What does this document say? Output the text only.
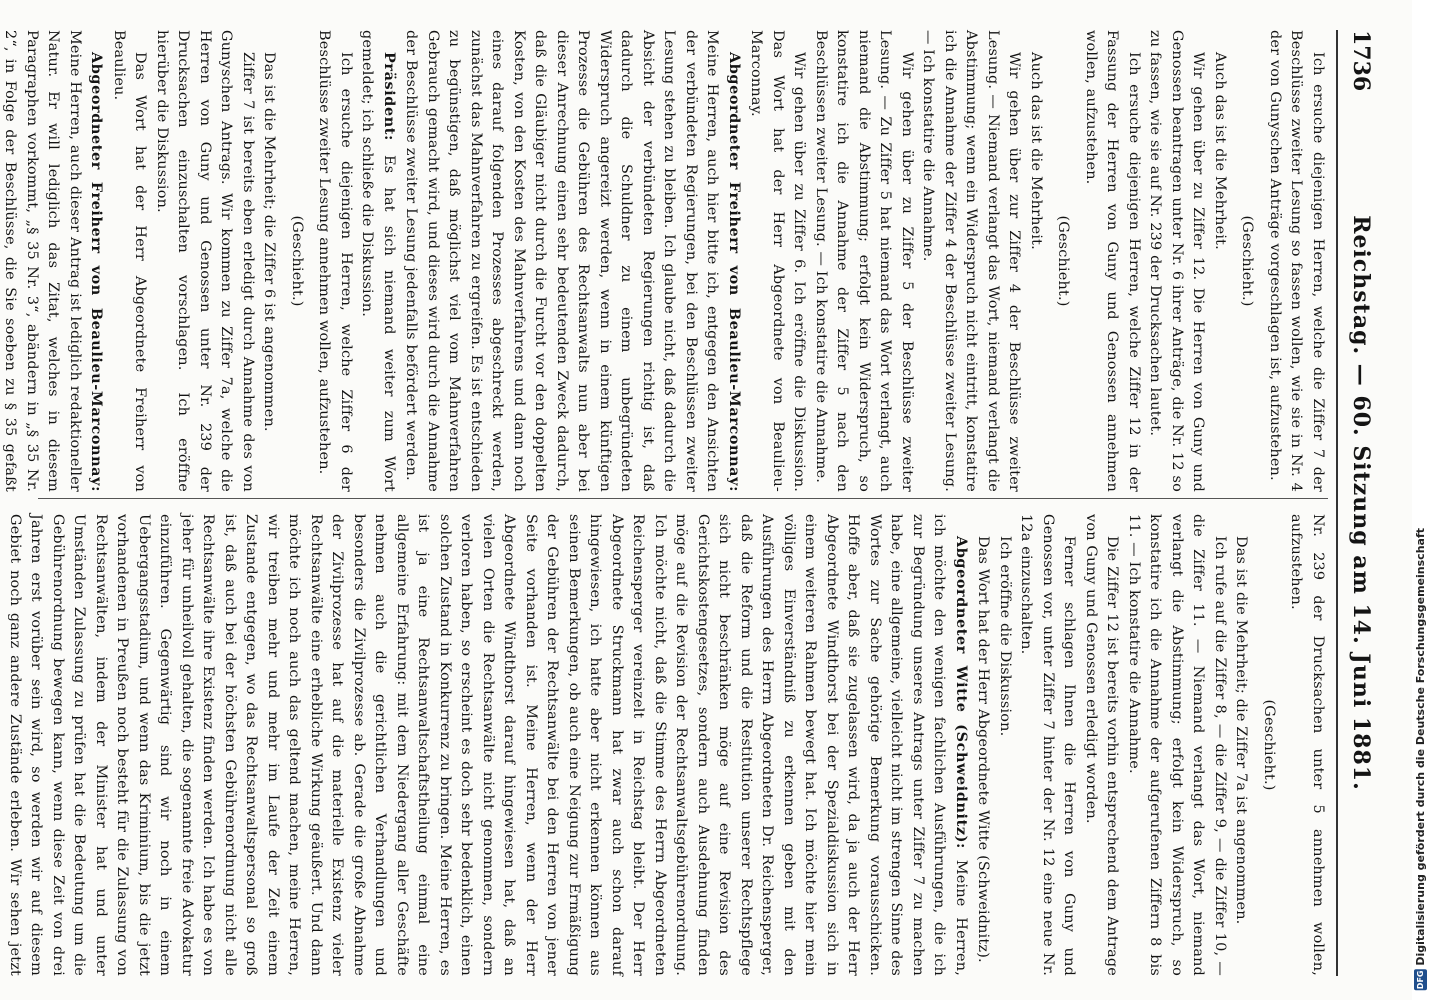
1736
Reichstag. — 60. Sitzung am 14. Juni 1881.

Ich ersuche diejenigen Herren, welche die Ziffer 7 der Beschlüsse zweiter Lesung so fassen wollen, wie sie in Nr. 4 der von Gunyschen Anträge vorgeschlagen ist, aufzustehen.

(Geschieht.)

Auch das ist die Mehrheit.

Wir gehen über zu Ziffer 12. Die Herren von Guny und Genossen beantragen unter Nr. 6 ihrer Anträge, die Nr. 12 so zu fassen, wie sie auf Nr. 239 der Drucksachen lautet.

Ich ersuche diejenigen Herren, welche Ziffer 12 in der Fassung der Herren von Guny und Genossen annehmen wollen, aufzustehen.

(Geschieht.)

Auch das ist die Mehrheit.

Wir gehen über zur Ziffer 4 der Beschlüsse zweiter Lesung. — Niemand verlangt das Wort, niemand verlangt die Abstimmung; wenn ein Widerspruch nicht eintritt, konstatire ich die Annahme der Ziffer 4 der Beschlüsse zweiter Lesung. — Ich konstatire die Annahme.

Wir gehen über zu Ziffer 5 der Beschlüsse zweiter Lesung. — Zu Ziffer 5 hat niemand das Wort verlangt, auch niemand die Abstimmung; erfolgt kein Widerspruch, so konstatire ich die Annahme der Ziffer 5 nach den Beschlüssen zweiter Lesung. — Ich konstatire die Annahme.

Wir gehen über zu Ziffer 6. Ich eröffne die Diskussion. Das Wort hat der Herr Abgeordnete von Beaulieu-Marconnay.

Abgeordneter Freiherr von Beaulieu-Marconnay: Meine Herren, auch hier bitte ich, entgegen den Ansichten der verbündeten Regierungen, bei den Beschlüssen zweiter Lesung stehen zu bleiben. Ich glaube nicht, daß dadurch die Absicht der verbündeten Regierungen richtig ist, daß dadurch die Schuldner zu einem unbegründeten Widerspruch angereizt werden, wenn in einem künftigen Prozesse die Gebühren des Rechtsanwalts nun aber bei dieser Anrechnung einen sehr bedeutenden Zweck dadurch, daß die Gläubiger nicht durch die Furcht vor den doppelten Kosten, von den Kosten des Mahnverfahrens und dann noch eines darauf folgenden Prozesses abgeschreckt werden, zunächst das Mahnverfahren zu ergreifen. Es ist entschieden zu begünstigen, daß möglichst viel vom Mahnverfahren Gebrauch gemacht wird, und dieses wird durch die Annahme der Beschlüsse zweiter Lesung jedenfalls befördert werden.

Präsident: Es hat sich niemand weiter zum Wort gemeldet; ich schließe die Diskussion.

Ich ersuche diejenigen Herren, welche Ziffer 6 der Beschlüsse zweiter Lesung annehmen wollen, aufzustehen.

(Geschieht.)

Das ist die Mehrheit; die Ziffer 6 ist angenommen.

Ziffer 7 ist bereits eben erledigt durch Annahme des von Gunyschen Antrags. Wir kommen zu Ziffer 7a, welche die Herren von Guny und Genossen unter Nr. 239 der Drucksachen einzuschalten vorschlagen. Ich eröffne hierüber die Diskussion.

Das Wort hat der Herr Abgeordnete Freiherr von Beaulieu.

Abgeordneter Freiherr von Beaulieu-Marconnay: Meine Herren, auch dieser Antrag ist lediglich redaktioneller Natur. Er will lediglich das Zitat, welches in diesem Paragraphen vorkommt, „§ 35 Nr. 3“, abändern in „§ 35 Nr. 2“, in Folge der Beschlüsse, die Sie soeben zu § 35 gefaßt

Nr. 239 der Drucksachen unter 5 annehmen wollen, aufzustehen.

(Geschieht.)

Das ist die Mehrheit; die Ziffer 7a ist angenommen.

Ich rufe auf die Ziffer 8, — die Ziffer 9, — die Ziffer 10, — die Ziffer 11. — Niemand verlangt das Wort, niemand verlangt die Abstimmung; erfolgt kein Widerspruch, so konstatire ich die Annahme der aufgerufenen Ziffern 8 bis 11. — Ich konstatire die Annahme.

Die Ziffer 12 ist bereits vorhin entsprechend dem Antrage von Guny und Genossen erledigt worden.

Ferner schlagen Ihnen die Herren von Guny und Genossen vor, unter Ziffer 7 hinter der Nr. 12 eine neue Nr. 12a einzuschalten.

Ich eröffne die Diskussion.

Das Wort hat der Herr Abgeordnete Witte (Schweidnitz).

Abgeordneter Witte (Schweidnitz): Meine Herren, ich möchte den wenigen fachlichen Ausführungen, die ich zur Begründung unseres Antrags unter Ziffer 7 zu machen habe, eine allgemeine, vielleicht nicht im strengen Sinne des Wortes zur Sache gehörige Bemerkung vorausschicken. Hoffe aber, daß sie zugelassen wird, da ja auch der Herr Abgeordnete Windthorst bei der Spezialdiskussion sich in einem weiteren Rahmen bewegt hat. Ich möchte hier mein völliges Einverständniß zu erkennen geben mit den Ausführungen des Herrn Abgeordneten Dr. Reichensperger, daß die Reform und die Restitution unserer Rechtspflege sich nicht beschränken möge auf eine Revision des Gerichtskostengesetzes, sondern auch Ausdehnung finden möge auf die Revision der Rechtsanwaltsgebührenordnung. Ich möchte nicht, daß die Stimme des Herrn Abgeordneten Reichensperger vereinzelt in Reichstag bleibt. Der Herr Abgeordnete Struckmann hat zwar auch schon darauf hingewiesen, ich hatte aber nicht erkennen können aus seinen Bemerkungen, ob auch eine Neigung zur Ermäßigung der Gebühren der Rechtsanwälte bei den Herren von jener Seite vorhanden ist. Meine Herren, wenn der Herr Abgeordnete Windthorst darauf hingewiesen hat, daß an vielen Orten die Rechtsanwälte nicht genommen, sondern verloren haben, so erscheint es doch sehr bedenklich, einen solchen Zustand in Konkurrenz zu bringen. Meine Herren, es ist ja eine Rechtsanwaltschaftstheilung einmal eine allgemeine Erfahrung: mit dem Niedergang aller Geschäfte nehmen auch die gerichtlichen Verhandlungen und besonders die Zivilprozesse ab. Gerade die große Abnahme der Zivilprozesse hat auf die materielle Existenz vieler Rechtsanwälte eine erhebliche Wirkung geäußert. Und dann möchte ich noch auch das geltend machen, meine Herren, wir treiben mehr und mehr im Laufe der Zeit einem Zustande entgegen, wo das Rechtsanwaltspersonal so groß ist, daß auch bei der höchsten Gebührenordnung nicht alle Rechtsanwälte ihre Existenz finden werden. Ich habe es von jeher für unheilvoll gehalten, die sogenannte freie Advokatur einzuführen. Gegenwärtig sind wir noch in einem Uebergangsstadium, und wenn das Kriminium, bis die jetzt vorhandenen in Preußen noch besteht für die Zulassung von Rechtsanwälten, indem der Minister hat und unter Umständen Zulassung zu prüfen hat die Bedeutung um die Gebührenordnung bewegen kann, wenn diese Zeit von drei Jahren erst vorüber sein wird, so werden wir auf diesem Gebiet noch ganz andere Zustände erleben. Wir sehen jetzt

DFG Digitalisierung gefördert durch die Deutsche Forschungsgemeinschaft
